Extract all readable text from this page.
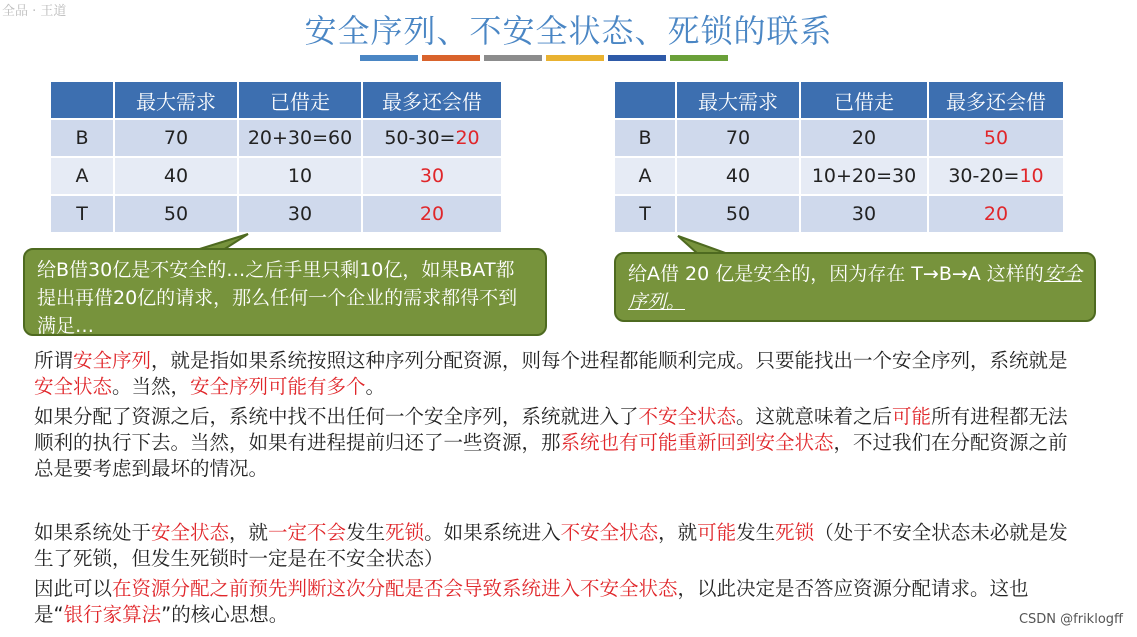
全品 · 王道
安全序列、不安全状态、死锁的联系
	最大需求	已借走	最多还会借
B	70	20+30=60	50-30=20
A	40	10	30
T	50	30	20
	最大需求	已借走	最多还会借
B	70	20	50
A	40	10+20=30	30-20=10
T	50	30	20
给B借30亿是不安全的…之后手里只剩10亿，如果BAT都提出再借20亿的请求，那么任何一个企业的需求都得不到满足…
给A借 20 亿是安全的，因为存在 T→B→A 这样的安全序列。
所谓安全序列，就是指如果系统按照这种序列分配资源，则每个进程都能顺利完成。只要能找出一个安全序列，系统就是安全状态。当然，安全序列可能有多个。
如果分配了资源之后，系统中找不出任何一个安全序列，系统就进入了不安全状态。这就意味着之后可能所有进程都无法顺利的执行下去。当然，如果有进程提前归还了一些资源，那系统也有可能重新回到安全状态，不过我们在分配资源之前总是要考虑到最坏的情况。
如果系统处于安全状态，就一定不会发生死锁。如果系统进入不安全状态，就可能发生死锁（处于不安全状态未必就是发生了死锁，但发生死锁时一定是在不安全状态）
因此可以在资源分配之前预先判断这次分配是否会导致系统进入不安全状态，以此决定是否答应资源分配请求。这也是“银行家算法”的核心思想。	CSDN @friklogff
